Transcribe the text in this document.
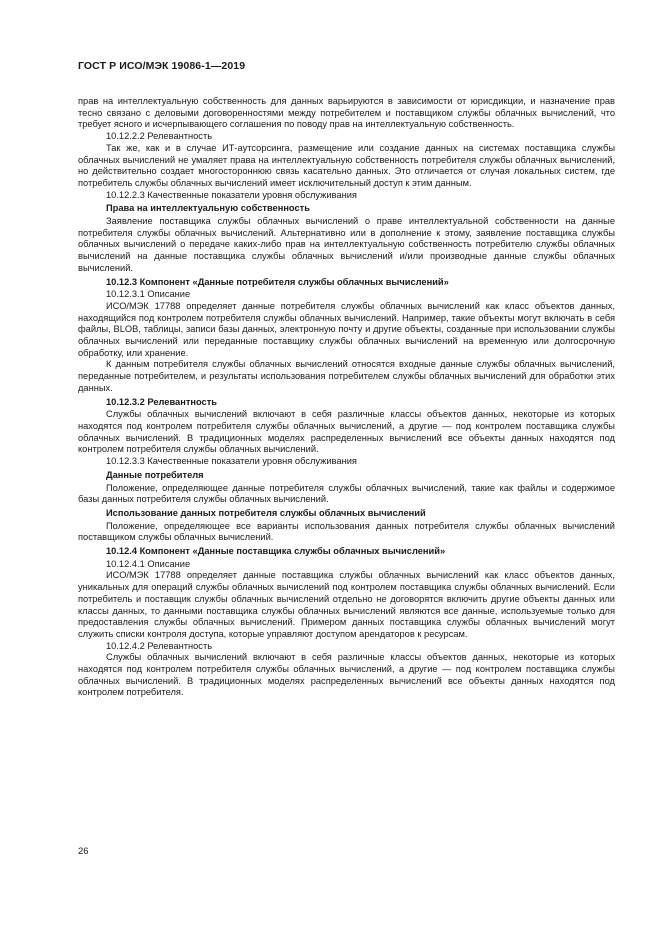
ГОСТ Р ИСО/МЭК 19086-1—2019

прав на интеллектуальную собственность для данных варьируются в зависимости от юрисдикции, и назначение прав тесно связано с деловыми договоренностями между потребителем и поставщиком службы облачных вычислений, что требует ясного и исчерпывающего соглашения по поводу прав на интеллектуальную собственность.

10.12.2.2 Релевантность

Так же, как и в случае ИТ-аутсорсинга, размещение или создание данных на системах поставщика службы облачных вычислений не умаляет права на интеллектуальную собственность потребителя службы облачных вычислений, но действительно создает многостороннюю связь касательно данных. Это отличается от случая локальных систем, где потребитель службы облачных вычислений имеет исключительный доступ к этим данным.

10.12.2.3 Качественные показатели уровня обслуживания

Права на интеллектуальную собственность

Заявление поставщика службы облачных вычислений о праве интеллектуальной собственности на данные потребителя службы облачных вычислений. Альтернативно или в дополнение к этому, заявление поставщика службы облачных вычислений о передаче каких-либо прав на интеллектуальную собственность потребителю службы облачных вычислений на данные поставщика службы облачных вычислений и/или производные данные службы облачных вычислений.

10.12.3 Компонент «Данные потребителя службы облачных вычислений»

10.12.3.1 Описание

ИСО/МЭК 17788 определяет данные потребителя службы облачных вычислений как класс объектов данных, находящийся под контролем потребителя службы облачных вычислений. Например, такие объекты могут включать в себя файлы, BLOB, таблицы, записи базы данных, электронную почту и другие объекты, созданные при использовании службы облачных вычислений или переданные поставщику службы облачных вычислений на временную или долгосрочную обработку, или хранение.

К данным потребителя службы облачных вычислений относятся входные данные службы облачных вычислений, переданные потребителем, и результаты использования потребителем службы облачных вычислений для обработки этих данных.

10.12.3.2 Релевантность

Службы облачных вычислений включают в себя различные классы объектов данных, некоторые из которых находятся под контролем потребителя службы облачных вычислений, а другие — под контролем поставщика службы облачных вычислений. В традиционных моделях распределенных вычислений все объекты данных находятся под контролем потребителя службы облачных вычислений.

10.12.3.3 Качественные показатели уровня обслуживания

Данные потребителя

Положение, определяющее данные потребителя службы облачных вычислений, такие как файлы и содержимое базы данных потребителя службы облачных вычислений.

Использование данных потребителя службы облачных вычислений

Положение, определяющее все варианты использования данных потребителя службы облачных вычислений поставщиком службы облачных вычислений.

10.12.4 Компонент «Данные поставщика службы облачных вычислений»

10.12.4.1 Описание

ИСО/МЭК 17788 определяет данные поставщика службы облачных вычислений как класс объектов данных, уникальных для операций службы облачных вычислений под контролем поставщика службы облачных вычислений. Если потребитель и поставщик службы облачных вычислений отдельно не договорятся включить другие объекты данных или классы данных, то данными поставщика службы облачных вычислений являются все данные, используемые только для предоставления службы облачных вычислений. Примером данных поставщика службы облачных вычислений могут служить списки контроля доступа, которые управляют доступом арендаторов к ресурсам.

10.12.4.2 Релевантность

Службы облачных вычислений включают в себя различные классы объектов данных, некоторые из которых находятся под контролем потребителя службы облачных вычислений, а другие — под контролем поставщика службы облачных вычислений. В традиционных моделях распределенных вычислений все объекты данных находятся под контролем потребителя.

26
